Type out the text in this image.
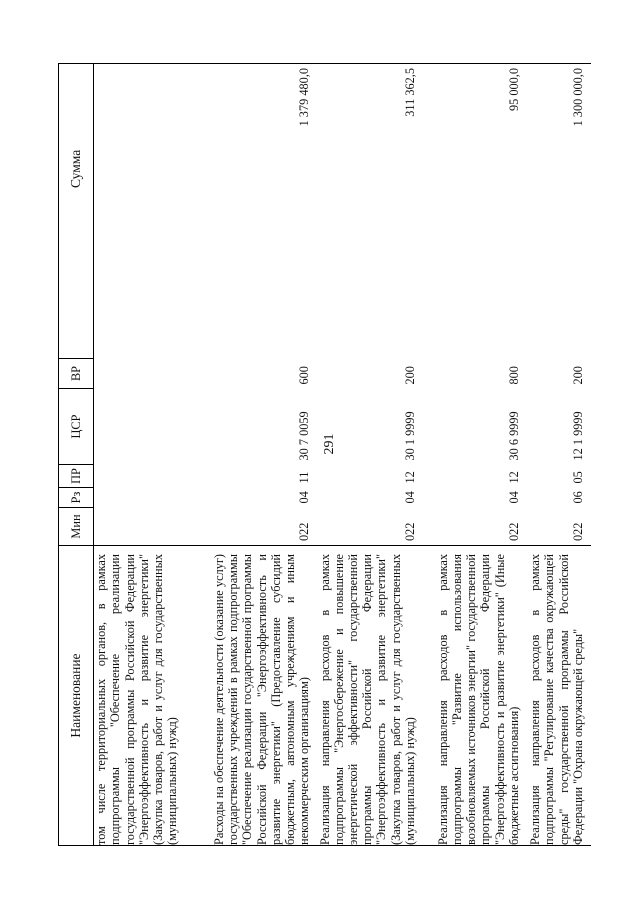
291
Наименование	Мин	Рз	ПР	ЦСР	ВР	Сумма
том числе территориальных органов, в рамках подпрограммы "Обеспечение реализации государственной программы Российской Федерации "Энергоэффективность и развитие энергетики" (Закупка товаров, работ и услуг для государственных (муниципальных) нужд)						
Расходы на обеспечение деятельности (оказание услуг) государственных учреждений в рамках подпрограммы "Обеспечение реализации государственной программы Российской Федерации "Энергоэффективность и развитие энергетики" (Предоставление субсидий бюджетным, автономным учреждениям и иным некоммерческим организациям)	022	04	11	30 7 0059	600	1 379 480,0
Реализация направления расходов в рамках подпрограммы "Энергосбережение и повышение энергетической эффективности" государственной программы Российской Федерации "Энергоэффективность и развитие энергетики" (Закупка товаров, работ и услуг для государственных (муниципальных) нужд)	022	04	12	30 1 9999	200	311 362,5
Реализация направления расходов в рамках подпрограммы "Развитие использования возобновляемых источников энергии" государственной программы Российской Федерации "Энергоэффективность и развитие энергетики" (Иные бюджетные ассигнования)	022	04	12	30 6 9999	800	95 000,0
Реализация направления расходов в рамках подпрограммы "Регулирование качества окружающей среды" государственной программы Российской Федерации "Охрана окружающей среды"	022	06	05	12 1 9999	200	1 300 000,0
